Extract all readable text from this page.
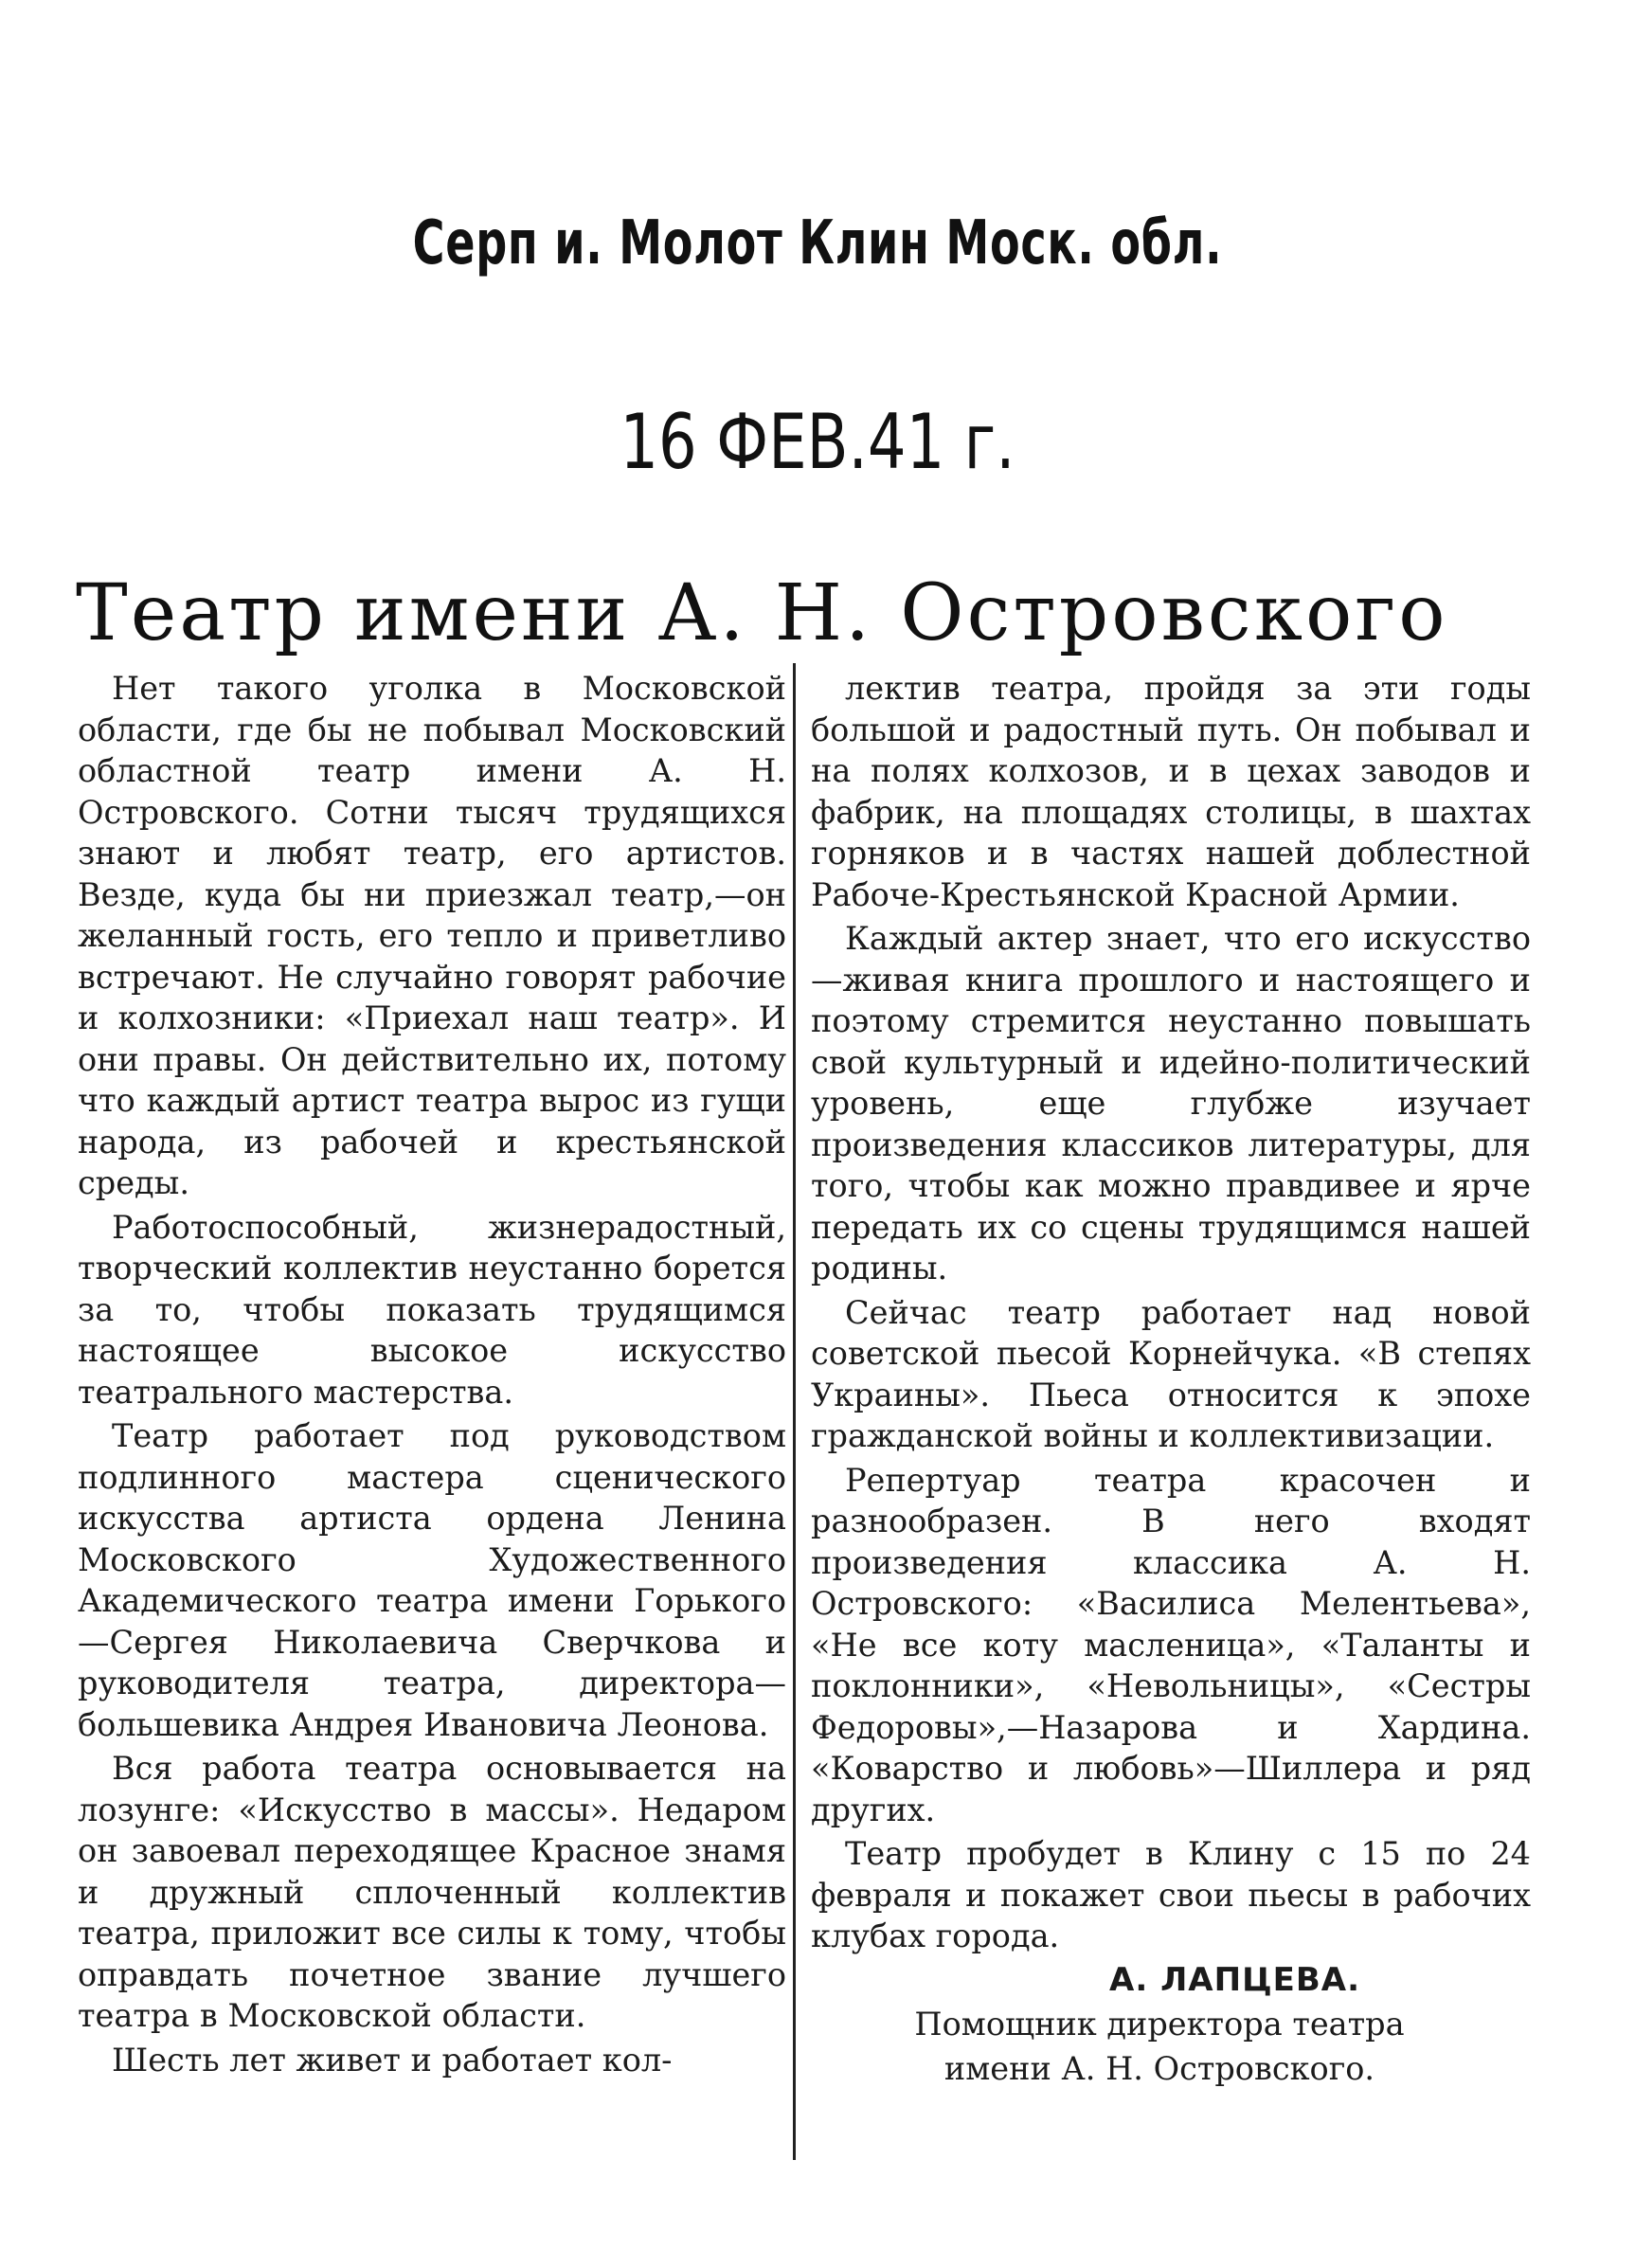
Серп и. Молот Клин Моск. обл.
16 ФЕВ.41 г.
Театр имени А. Н. Островского

Нет такого уголка в Московской области, где бы не побывал Московский областной театр имени А. Н. Островского. Сотни тысяч трудящихся знают и любят театр, его артистов. Везде, куда бы ни приезжал театр,—он желанный гость, его тепло и приветливо встречают. Не случайно говорят рабочие и колхозники: «Приехал наш театр». И они правы. Он действительно их, потому что каждый артист театра вырос из гущи народа, из рабочей и крестьянской среды.

Работоспособный, жизнерадостный, творческий коллектив неустанно борется за то, чтобы показать трудящимся настоящее высокое искусство театрального мастерства.

Театр работает под руководством подлинного мастера сценического искусства артиста ордена Ленина Московского Художественного Академического театра имени Горького—Сергея Николаевича Сверчкова и руководителя театра, директора—большевика Андрея Ивановича Леонова.

Вся работа театра основывается на лозунге: «Искусство в массы». Недаром он завоевал переходящее Красное знамя и дружный сплоченный коллектив театра, приложит все силы к тому, чтобы оправдать почетное звание лучшего театра в Московской области.

Шесть лет живет и работает кол-

лектив театра, пройдя за эти годы большой и радостный путь. Он побывал и на полях колхозов, и в цехах заводов и фабрик, на площадях столицы, в шахтах горняков и в частях нашей доблестной Рабоче-Крестьянской Красной Армии.

Каждый актер знает, что его искусство—живая книга прошлого и настоящего и поэтому стремится неустанно повышать свой культурный и идейно-политический уровень, еще глубже изучает произведения классиков литературы, для того, чтобы как можно правдивее и ярче передать их со сцены трудящимся нашей родины.

Сейчас театр работает над новой советской пьесой Корнейчука. «В степях Украины». Пьеса относится к эпохе гражданской войны и коллективизации.

Репертуар театра красочен и разнообразен. В него входят произведения классика А. Н. Островского: «Василиса Мелентьева», «Не все коту масленица», «Таланты и поклонники», «Невольницы», «Сестры Федоровы»,—Назарова и Хардина. «Коварство и любовь»—Шиллера и ряд других.

Театр пробудет в Клину с 15 по 24 февраля и покажет свои пьесы в рабочих клубах города.

А. ЛАПЦЕВА.

Помощник директора театра

имени А. Н. Островского.
